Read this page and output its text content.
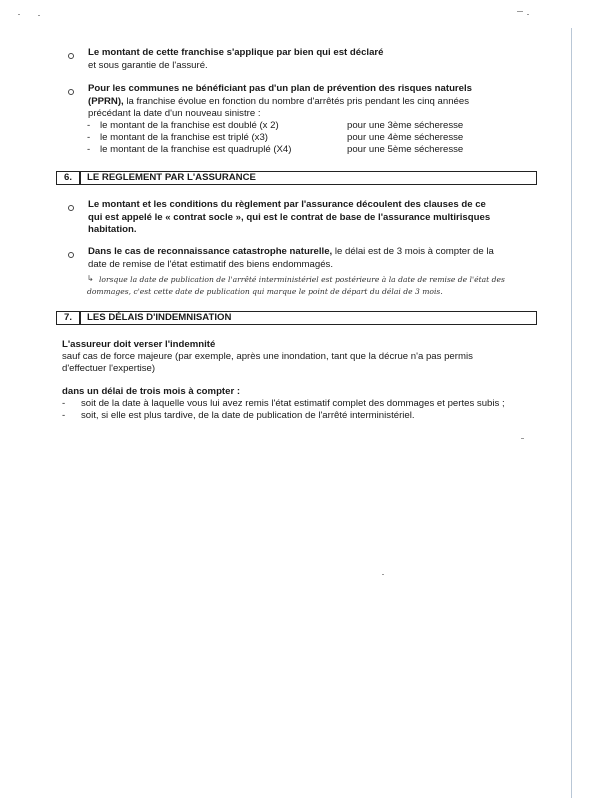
Le montant de cette franchise s'applique par bien qui est déclaré
et sous garantie de l'assuré.
Pour les communes ne bénéficiant pas d'un plan de prévention des risques naturels
(PPRN), la franchise évolue en fonction du nombre d'arrêtés pris pendant les cinq années
précédant la date d'un nouveau sinistre :
- le montant de la franchise est doublé (x 2)	pour une 3ème sécheresse
- le montant de la franchise est triplé (x3)	pour une 4ème sécheresse
- le montant de la franchise est quadruplé (X4)	pour une 5ème sécheresse
6.	LE REGLEMENT PAR L'ASSURANCE
Le montant et les conditions du règlement par l'assurance découlent des clauses de ce
qui est appelé le « contrat socle », qui est le contrat de base de l'assurance multirisques
habitation.
Dans le cas de reconnaissance catastrophe naturelle, le délai est de 3 mois à compter de la
date de remise de l'état estimatif des biens endommagés.
↳ lorsque la date de publication de l'arrêté interministériel est postérieure à la date de remise de l'état des
dommages, c'est cette date de publication qui marque le point de départ du délai de 3 mois.
7.	LES DÉLAIS D'INDEMNISATION
L'assureur doit verser l'indemnité
sauf cas de force majeure (par exemple, après une inondation, tant que la décrue n'a pas permis
d'effectuer l'expertise)
dans un délai de trois mois à compter :
- soit de la date à laquelle vous lui avez remis l'état estimatif complet des dommages et pertes subis ;
- soit, si elle est plus tardive, de la date de publication de l'arrêté interministériel.
